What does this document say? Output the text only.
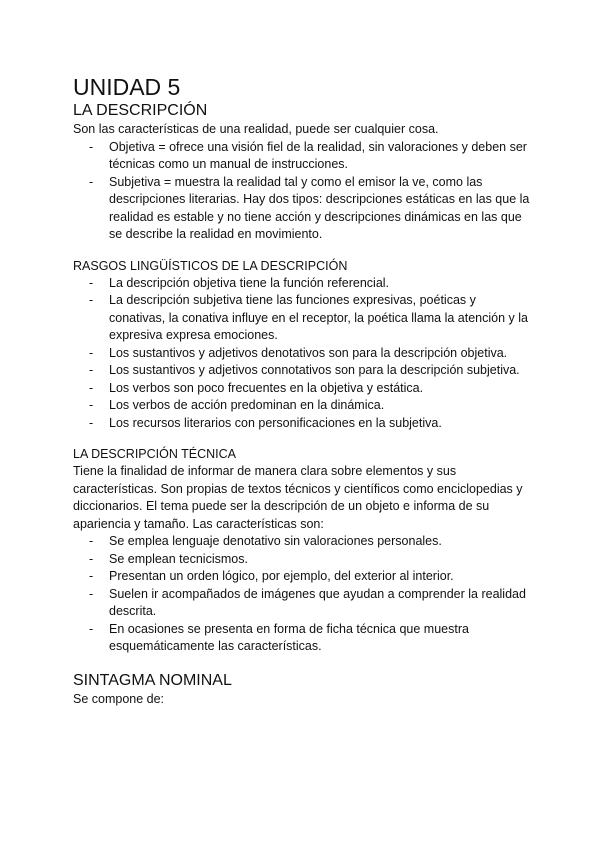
UNIDAD 5
LA DESCRIPCIÓN

Son las características de una realidad, puede ser cualquier cosa.

- Objetiva = ofrece una visión fiel de la realidad, sin valoraciones y deben ser técnicas como un manual de instrucciones.
- Subjetiva = muestra la realidad tal y como el emisor la ve, como las descripciones literarias. Hay dos tipos: descripciones estáticas en las que la realidad es estable y no tiene acción y descripciones dinámicas en las que se describe la realidad en movimiento.
RASGOS LINGÜÍSTICOS DE LA DESCRIPCIÓN
- La descripción objetiva tiene la función referencial.
- La descripción subjetiva tiene las funciones expresivas, poéticas y conativas, la conativa influye en el receptor, la poética llama la atención y la expresiva expresa emociones.
- Los sustantivos y adjetivos denotativos son para la descripción objetiva.
- Los sustantivos y adjetivos connotativos son para la descripción subjetiva.
- Los verbos son poco frecuentes en la objetiva y estática.
- Los verbos de acción predominan en la dinámica.
- Los recursos literarios con personificaciones en la subjetiva.
LA DESCRIPCIÓN TÉCNICA

Tiene la finalidad de informar de manera clara sobre elementos y sus características. Son propias de textos técnicos y científicos como enciclopedias y diccionarios. El tema puede ser la descripción de un objeto e informa de su apariencia y tamaño. Las características son:

- Se emplea lenguaje denotativo sin valoraciones personales.
- Se emplean tecnicismos.
- Presentan un orden lógico, por ejemplo, del exterior al interior.
- Suelen ir acompañados de imágenes que ayudan a comprender la realidad descrita.
- En ocasiones se presenta en forma de ficha técnica que muestra esquemáticamente las características.
SINTAGMA NOMINAL

Se compone de:
